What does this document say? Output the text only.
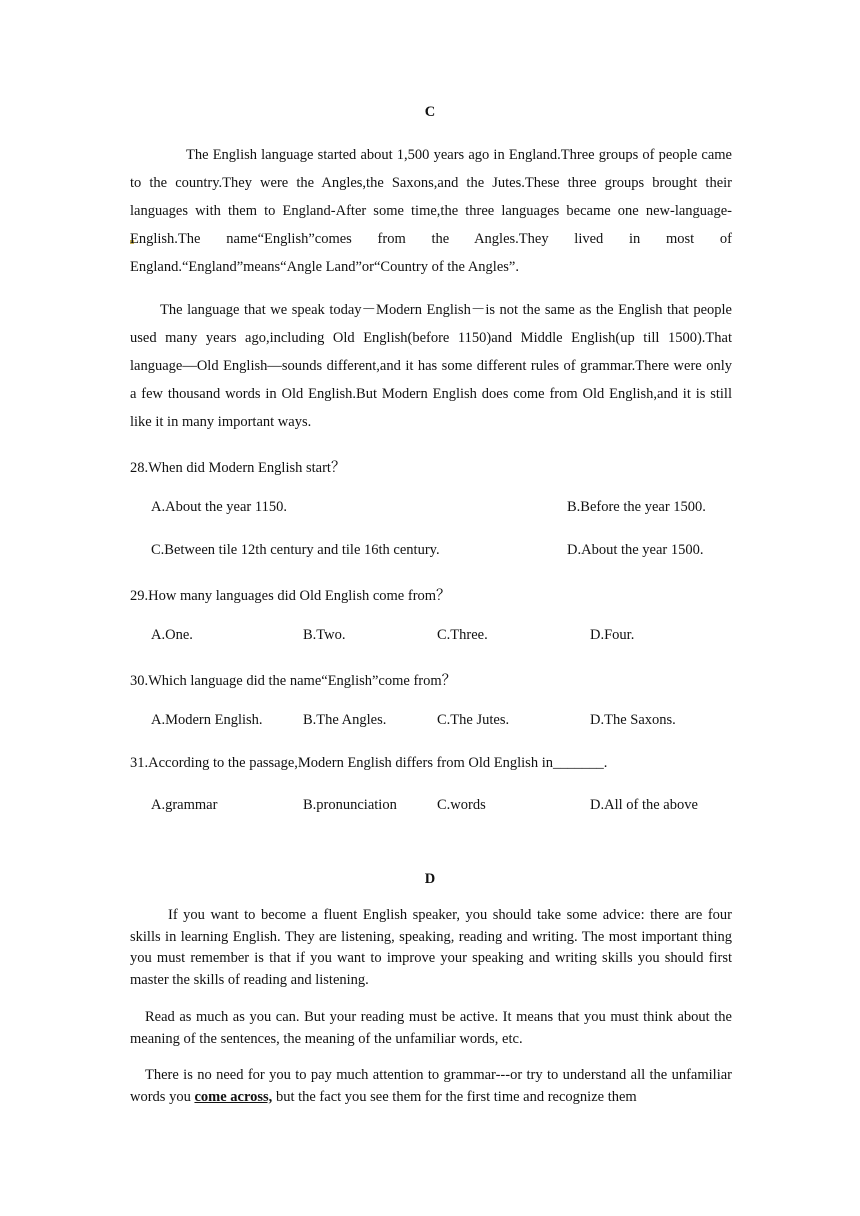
C

The English language started about 1,500 years ago in England.Three groups of people came to the country.They were the Angles,the Saxons,and the Jutes.These three groups brought their languages with them to England-After some time,the three languages became one new-language-English.The name“English”comes from the Angles.They lived in most of England.“England”means“Angle Land”or“Country of the Angles”.

The language that we speak today－Modern English－is not the same as the English that people used many years ago,including Old English(before 1150)and Middle English(up till 1500).That language—Old English—sounds different,and it has some different rules of grammar.There were only a few thousand words in Old English.But Modern English does come from Old English,and it is still like it in many important ways.

28.When did Modern English start？
A.About the year 1150.	B.Before the year 1500.
C.Between tile 12th century and tile 16th century.	D.About the year 1500.
29.How many languages did Old English come from？
A.One.	B.Two.	C.Three.	D.Four.
30.Which language did the name“English”come from？
A.Modern English.	B.The Angles.	C.The Jutes.	D.The Saxons.
31.According to the passage,Modern English differs from Old English in_______.
A.grammar	B.pronunciation	C.words	D.All of the above
D

If you want to become a fluent English speaker, you should take some advice: there are four skills in learning English. They are listening, speaking, reading and writing. The most important thing you must remember is that if you want to improve your speaking and writing skills you should first master the skills of reading and listening.

Read as much as you can. But your reading must be active. It means that you must think about the meaning of the sentences, the meaning of the unfamiliar words, etc.

There is no need for you to pay much attention to grammar---or try to understand all the unfamiliar words you come across, but the fact you see them for the first time and recognize them
